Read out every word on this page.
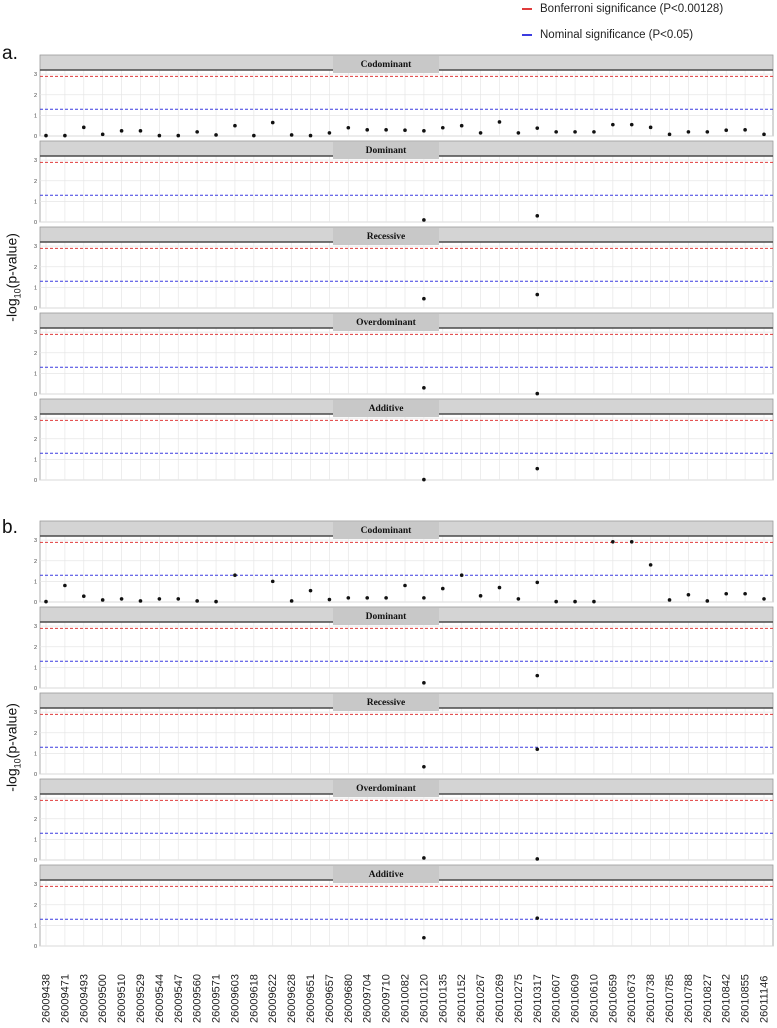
Bonferroni significance (P<0.00128)
Nominal significance (P<0.05)
a.
b.
$-\log_{10}(p-value)$
$-\log_{10}(p-value)$
0
1
2
3
Codominant
0
1
2
3
Dominant
0
1
2
3
Recessive
0
1
2
3
Overdominant
0
1
2
3
Additive
0
1
2
3
Codominant
0
1
2
3
Dominant
0
1
2
3
Recessive
0
1
2
3
Overdominant
0
1
2
3
Additive
26009438 26009471 26009493 26009500 26009510 26009529 26009544 26009547 26009560 26009571 26009603 26009618 26009622 26009628 26009651 26009657 26009680 26009704 26009710 26010082 26010120 26010135 26010152 26010267 26010269 26010275 26010317 26010607 26010609 26010610 26010659 26010673 26010738 26010785 26010788 26010827 26010842 26010855 26011146
